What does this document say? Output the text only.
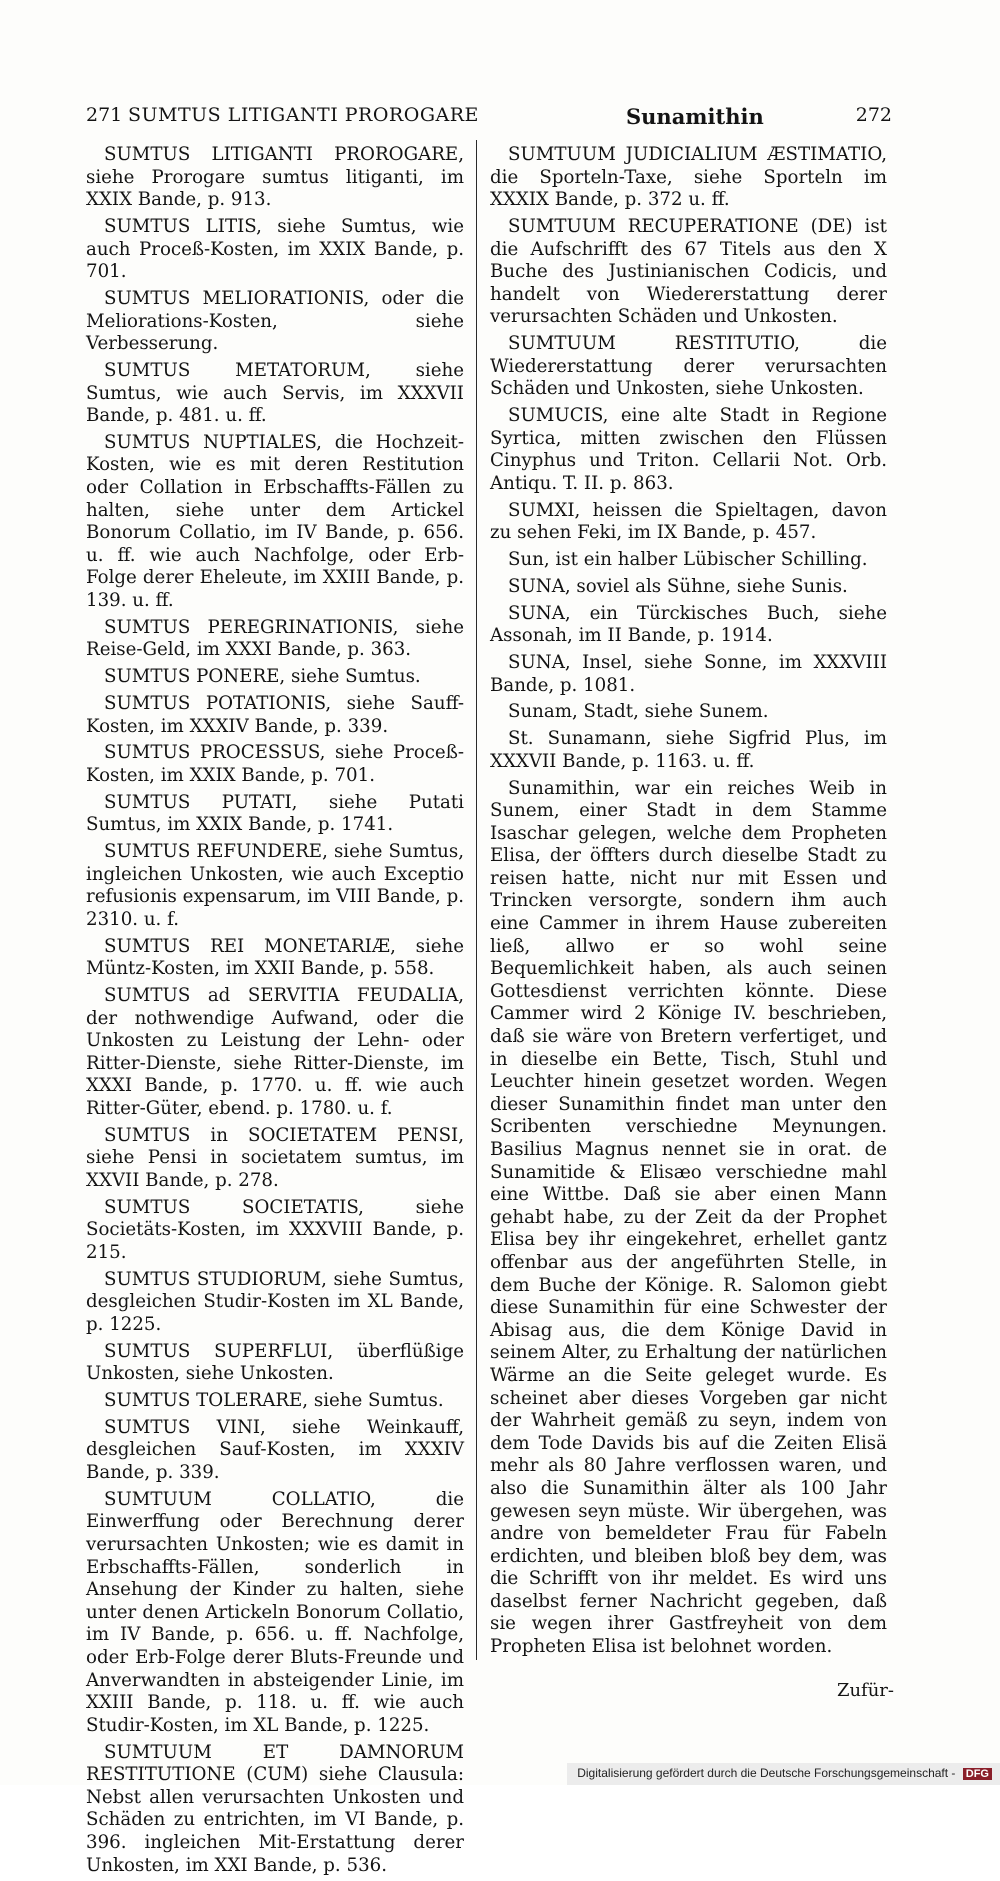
271 SUMTUS LITIGANTI PROROGARE	Sunamithin	272

SUMTUS LITIGANTI PROROGARE, siehe Prorogare sumtus litiganti, im XXIX Bande, p. 913.

SUMTUS LITIS, siehe Sumtus, wie auch Proceß-Kosten, im XXIX Bande, p. 701.

SUMTUS MELIORATIONIS, oder die Meliorations-Kosten, siehe Verbesserung.

SUMTUS METATORUM, siehe Sumtus, wie auch Servis, im XXXVII Bande, p. 481. u. ff.

SUMTUS NUPTIALES, die Hochzeit-Kosten, wie es mit deren Restitution oder Collation in Erbschaffts-Fällen zu halten, siehe unter dem Artickel Bonorum Collatio, im IV Bande, p. 656. u. ff. wie auch Nachfolge, oder Erb-Folge derer Eheleute, im XXIII Bande, p. 139. u. ff.

SUMTUS PEREGRINATIONIS, siehe Reise-Geld, im XXXI Bande, p. 363.

SUMTUS PONERE, siehe Sumtus.

SUMTUS POTATIONIS, siehe Sauff-Kosten, im XXXIV Bande, p. 339.

SUMTUS PROCESSUS, siehe Proceß-Kosten, im XXIX Bande, p. 701.

SUMTUS PUTATI, siehe Putati Sumtus, im XXIX Bande, p. 1741.

SUMTUS REFUNDERE, siehe Sumtus, ingleichen Unkosten, wie auch Exceptio refusionis expensarum, im VIII Bande, p. 2310. u. f.

SUMTUS REI MONETARIÆ, siehe Müntz-Kosten, im XXII Bande, p. 558.

SUMTUS ad SERVITIA FEUDALIA, der nothwendige Aufwand, oder die Unkosten zu Leistung der Lehn- oder Ritter-Dienste, siehe Ritter-Dienste, im XXXI Bande, p. 1770. u. ff. wie auch Ritter-Güter, ebend. p. 1780. u. f.

SUMTUS in SOCIETATEM PENSI, siehe Pensi in societatem sumtus, im XXVII Bande, p. 278.

SUMTUS SOCIETATIS, siehe Societäts-Kosten, im XXXVIII Bande, p. 215.

SUMTUS STUDIORUM, siehe Sumtus, desgleichen Studir-Kosten im XL Bande, p. 1225.

SUMTUS SUPERFLUI, überflüßige Unkosten, siehe Unkosten.

SUMTUS TOLERARE, siehe Sumtus.

SUMTUS VINI, siehe Weinkauff, desgleichen Sauf-Kosten, im XXXIV Bande, p. 339.

SUMTUUM COLLATIO, die Einwerffung oder Berechnung derer verursachten Unkosten; wie es damit in Erbschaffts-Fällen, sonderlich in Ansehung der Kinder zu halten, siehe unter denen Artickeln Bonorum Collatio, im IV Bande, p. 656. u. ff. Nachfolge, oder Erb-Folge derer Bluts-Freunde und Anverwandten in absteigender Linie, im XXIII Bande, p. 118. u. ff. wie auch Studir-Kosten, im XL Bande, p. 1225.

SUMTUUM ET DAMNORUM RESTITUTIONE (CUM) siehe Clausula: Nebst allen verursachten Unkosten und Schäden zu entrichten, im VI Bande, p. 396. ingleichen Mit-Erstattung derer Unkosten, im XXI Bande, p. 536.

SUMTUUM JUDICIALIUM ÆSTIMATIO, die Sporteln-Taxe, siehe Sporteln im XXXIX Bande, p. 372 u. ff.

SUMTUUM RECUPERATIONE (DE) ist die Aufschrifft des 67 Titels aus den X Buche des Justinianischen Codicis, und handelt von Wiedererstattung derer verursachten Schäden und Unkosten.

SUMTUUM RESTITUTIO, die Wiedererstattung derer verursachten Schäden und Unkosten, siehe Unkosten.

SUMUCIS, eine alte Stadt in Regione Syrtica, mitten zwischen den Flüssen Cinyphus und Triton. Cellarii Not. Orb. Antiqu. T. II. p. 863.

SUMXI, heissen die Spieltagen, davon zu sehen Feki, im IX Bande, p. 457.

Sun, ist ein halber Lübischer Schilling.

SUNA, soviel als Sühne, siehe Sunis.

SUNA, ein Türckisches Buch, siehe Assonah, im II Bande, p. 1914.

SUNA, Insel, siehe Sonne, im XXXVIII Bande, p. 1081.

Sunam, Stadt, siehe Sunem.

St. Sunamann, siehe Sigfrid Plus, im XXXVII Bande, p. 1163. u. ff.

Sunamithin, war ein reiches Weib in Sunem, einer Stadt in dem Stamme Isaschar gelegen, welche dem Propheten Elisa, der öffters durch dieselbe Stadt zu reisen hatte, nicht nur mit Essen und Trincken versorgte, sondern ihm auch eine Cammer in ihrem Hause zubereiten ließ, allwo er so wohl seine Bequemlichkeit haben, als auch seinen Gottesdienst verrichten könnte. Diese Cammer wird 2 Könige IV. beschrieben, daß sie wäre von Bretern verfertiget, und in dieselbe ein Bette, Tisch, Stuhl und Leuchter hinein gesetzet worden. Wegen dieser Sunamithin findet man unter den Scribenten verschiedne Meynungen. Basilius Magnus nennet sie in orat. de Sunamitide & Elisæo verschiedne mahl eine Wittbe. Daß sie aber einen Mann gehabt habe, zu der Zeit da der Prophet Elisa bey ihr eingekehret, erhellet gantz offenbar aus der angeführten Stelle, in dem Buche der Könige. R. Salomon giebt diese Sunamithin für eine Schwester der Abisag aus, die dem Könige David in seinem Alter, zu Erhaltung der natürlichen Wärme an die Seite geleget wurde. Es scheinet aber dieses Vorgeben gar nicht der Wahrheit gemäß zu seyn, indem von dem Tode Davids bis auf die Zeiten Elisä mehr als 80 Jahre verflossen waren, und also die Sunamithin älter als 100 Jahr gewesen seyn müste. Wir übergehen, was andre von bemeldeter Frau für Fabeln erdichten, und bleiben bloß bey dem, was die Schrifft von ihr meldet. Es wird uns daselbst ferner Nachricht gegeben, daß sie wegen ihrer Gastfreyheit von dem Propheten Elisa ist belohnet worden.

Zufür-
Digitalisierung gefördert durch die Deutsche Forschungsgemeinschaft - DFG
